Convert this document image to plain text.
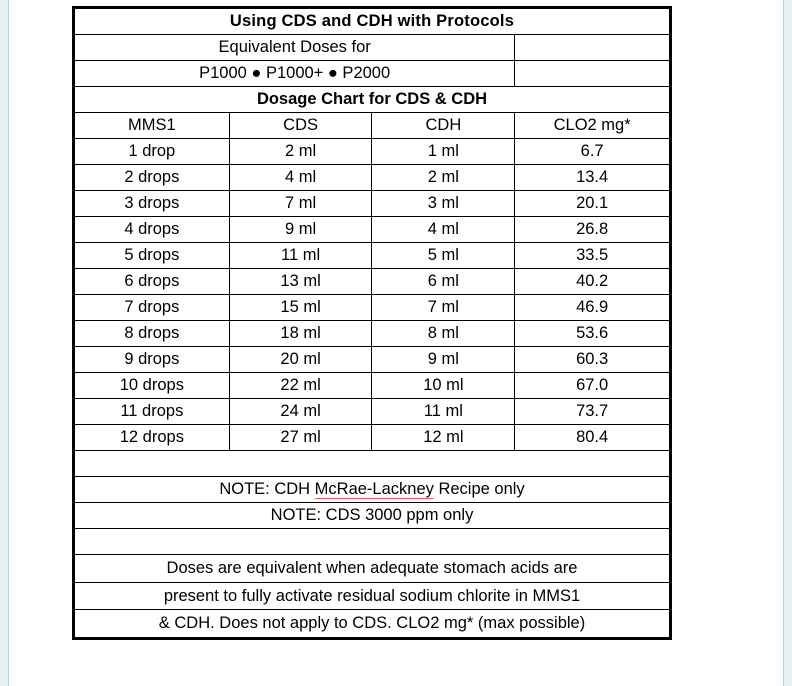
Using CDS and CDH with Protocols			
Equivalent Doses for			
P1000 ● P1000+ ● P2000			
Dosage Chart for CDS & CDH			
MMS1	CDS	CDH	CLO2 mg*
1 drop	2 ml	1 ml	6.7
2 drops	4 ml	2 ml	13.4
3 drops	7 ml	3 ml	20.1
4 drops	9 ml	4 ml	26.8
5 drops	11 ml	5 ml	33.5
6 drops	13 ml	6 ml	40.2
7 drops	15 ml	7 ml	46.9
8 drops	18 ml	8 ml	53.6
9 drops	20 ml	9 ml	60.3
10 drops	22 ml	10 ml	67.0
11 drops	24 ml	11 ml	73.7
12 drops	27 ml	12 ml	80.4

NOTE: CDH McRae-Lackney Recipe only			
NOTE: CDS 3000 ppm only			

Doses are equivalent when adequate stomach acids are			
present to fully activate residual sodium chlorite in MMS1			
& CDH. Does not apply to CDS. CLO2 mg* (max possible)			
